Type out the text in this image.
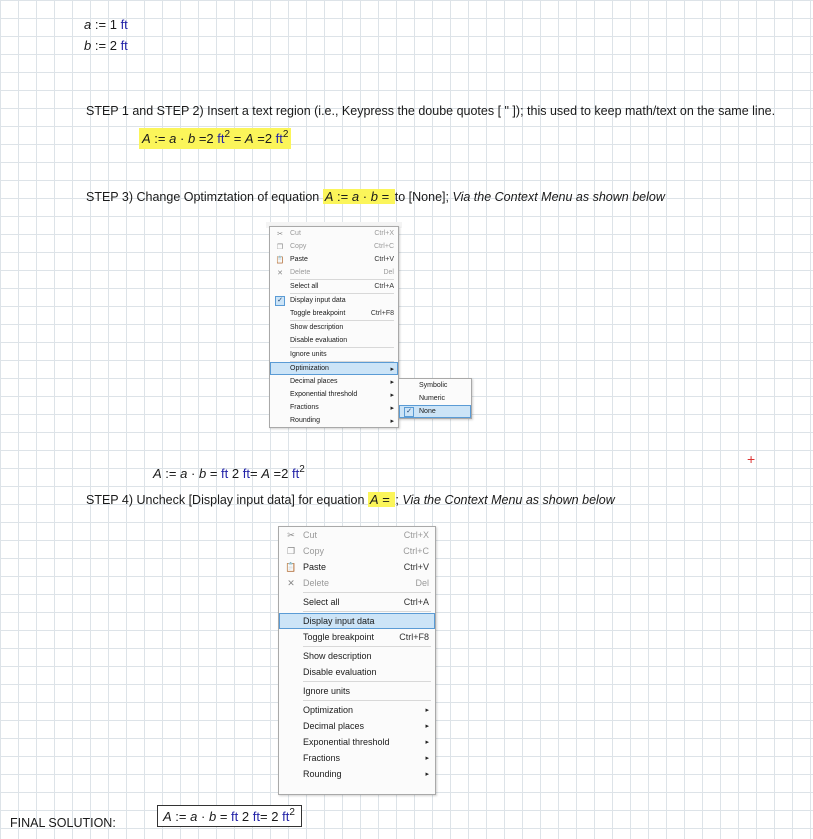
a := 1 ft
b := 2 ft
STEP 1 and STEP 2) Insert a text region (i.e., Keypress the doube quotes [ " ]); this used to keep math/text on the same line.
A := a · b =2 $ft^2 = A =2$ $ft^2$
STEP 3) Change Optimztation of equation A := a · b = to [None]; Via the Context Menu as shown below
✂ Cut	Ctrl+X
❐ Copy	Ctrl+C
📋 Paste	Ctrl+V
✕ Delete	Del
Select all	Ctrl+A
✓ Display input data
Toggle breakpoint	Ctrl+F8
Show description
Disable evaluation
Ignore units
Optimization	▸
Decimal places	▸
Exponential threshold	▸
Fractions	▸
Rounding	▸
Symbolic
Numeric
✓ None
A := a · b = ft 2 ft= A =2 $ft^2$
+
STEP 4) Uncheck [Display input data] for equation A = ; Via the Context Menu as shown below
✂ Cut	Ctrl+X
❐ Copy	Ctrl+C
📋 Paste	Ctrl+V
✕ Delete	Del
Select all	Ctrl+A
Display input data
Toggle breakpoint	Ctrl+F8
Show description
Disable evaluation
Ignore units
Optimization	▸
Decimal places	▸
Exponential threshold	▸
Fractions	▸
Rounding	▸
FINAL SOLUTION:	A := a · b = ft 2 ft= 2 $ft^2$
